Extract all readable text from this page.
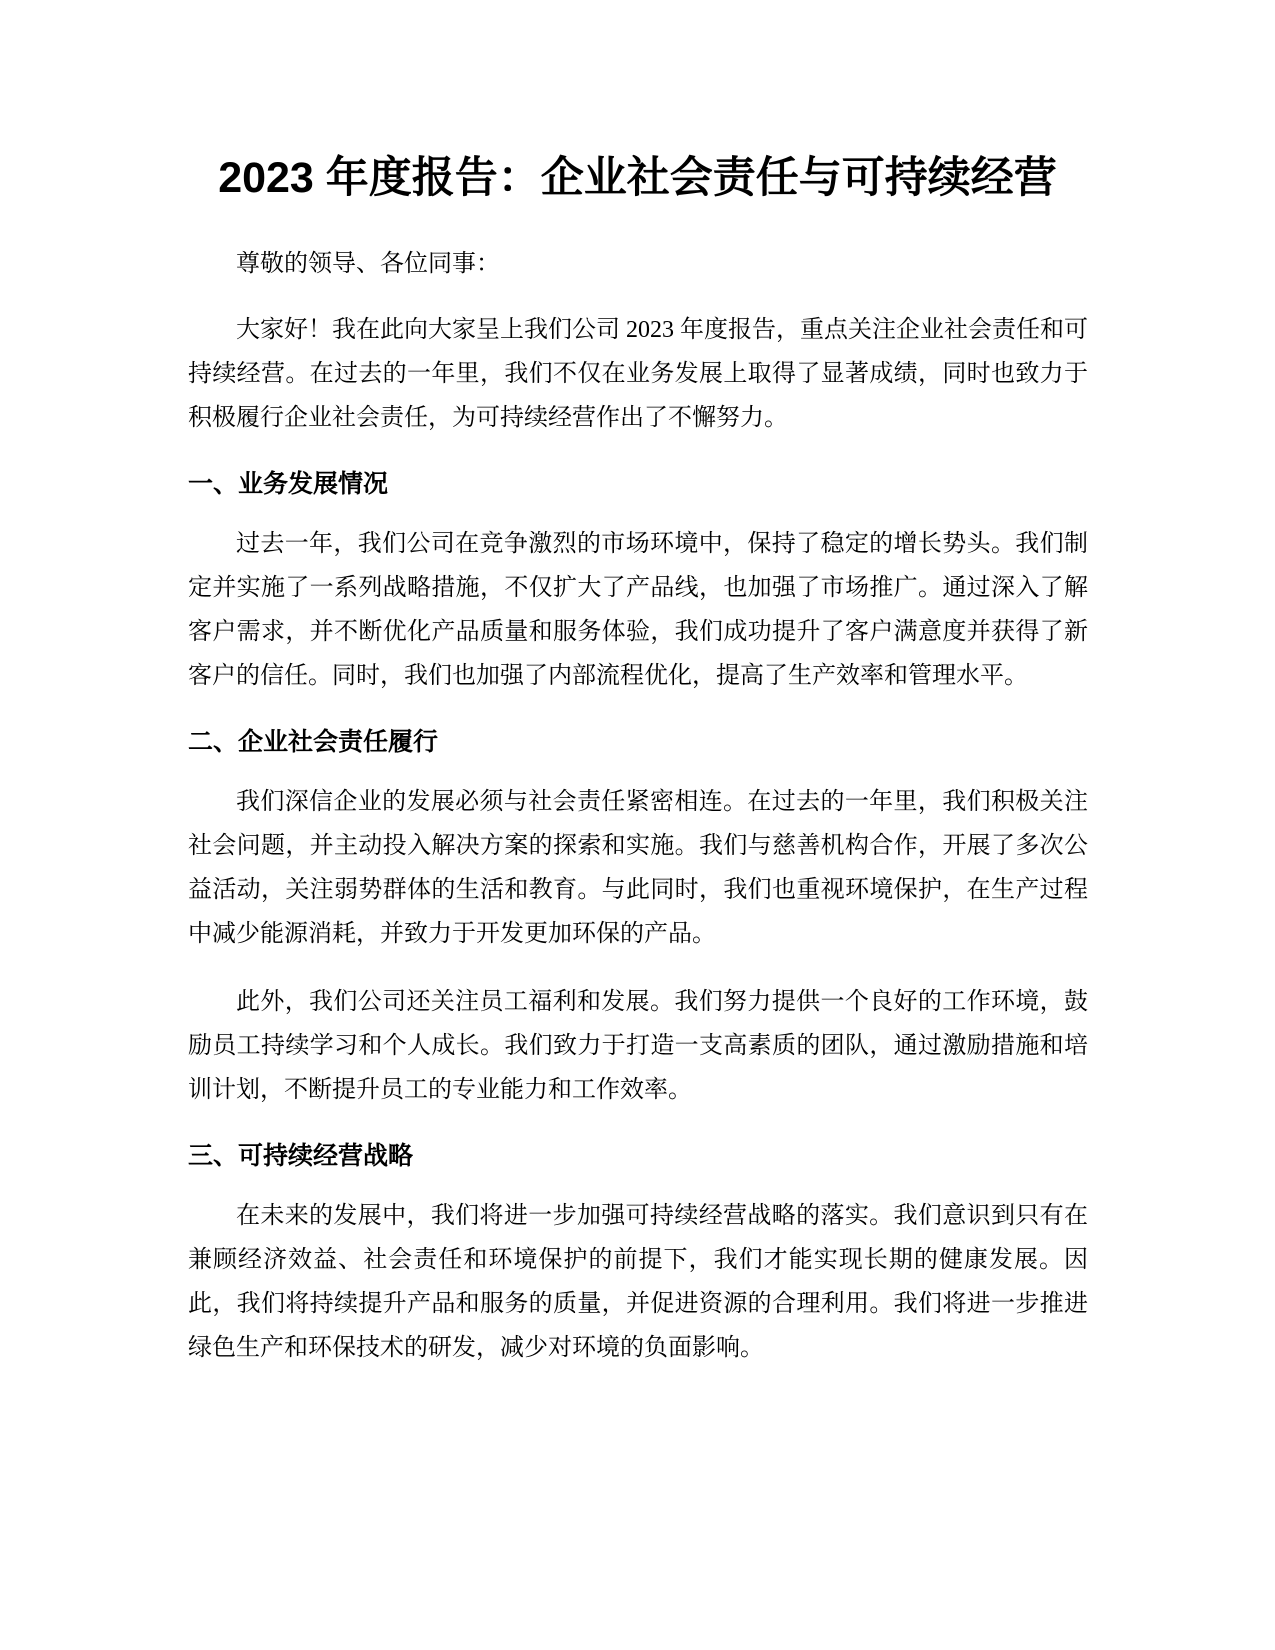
2023 年度报告：企业社会责任与可持续经营

尊敬的领导、各位同事：

大家好！我在此向大家呈上我们公司 2023 年度报告，重点关注企业社会责任和可持续经营。在过去的一年里，我们不仅在业务发展上取得了显著成绩，同时也致力于积极履行企业社会责任，为可持续经营作出了不懈努力。

一、业务发展情况

过去一年，我们公司在竞争激烈的市场环境中，保持了稳定的增长势头。我们制定并实施了一系列战略措施，不仅扩大了产品线，也加强了市场推广。通过深入了解客户需求，并不断优化产品质量和服务体验，我们成功提升了客户满意度并获得了新客户的信任。同时，我们也加强了内部流程优化，提高了生产效率和管理水平。

二、企业社会责任履行

我们深信企业的发展必须与社会责任紧密相连。在过去的一年里，我们积极关注社会问题，并主动投入解决方案的探索和实施。我们与慈善机构合作，开展了多次公益活动，关注弱势群体的生活和教育。与此同时，我们也重视环境保护，在生产过程中减少能源消耗，并致力于开发更加环保的产品。

此外，我们公司还关注员工福利和发展。我们努力提供一个良好的工作环境，鼓励员工持续学习和个人成长。我们致力于打造一支高素质的团队，通过激励措施和培训计划，不断提升员工的专业能力和工作效率。

三、可持续经营战略

在未来的发展中，我们将进一步加强可持续经营战略的落实。我们意识到只有在兼顾经济效益、社会责任和环境保护的前提下，我们才能实现长期的健康发展。因此，我们将持续提升产品和服务的质量，并促进资源的合理利用。我们将进一步推进绿色生产和环保技术的研发，减少对环境的负面影响。
